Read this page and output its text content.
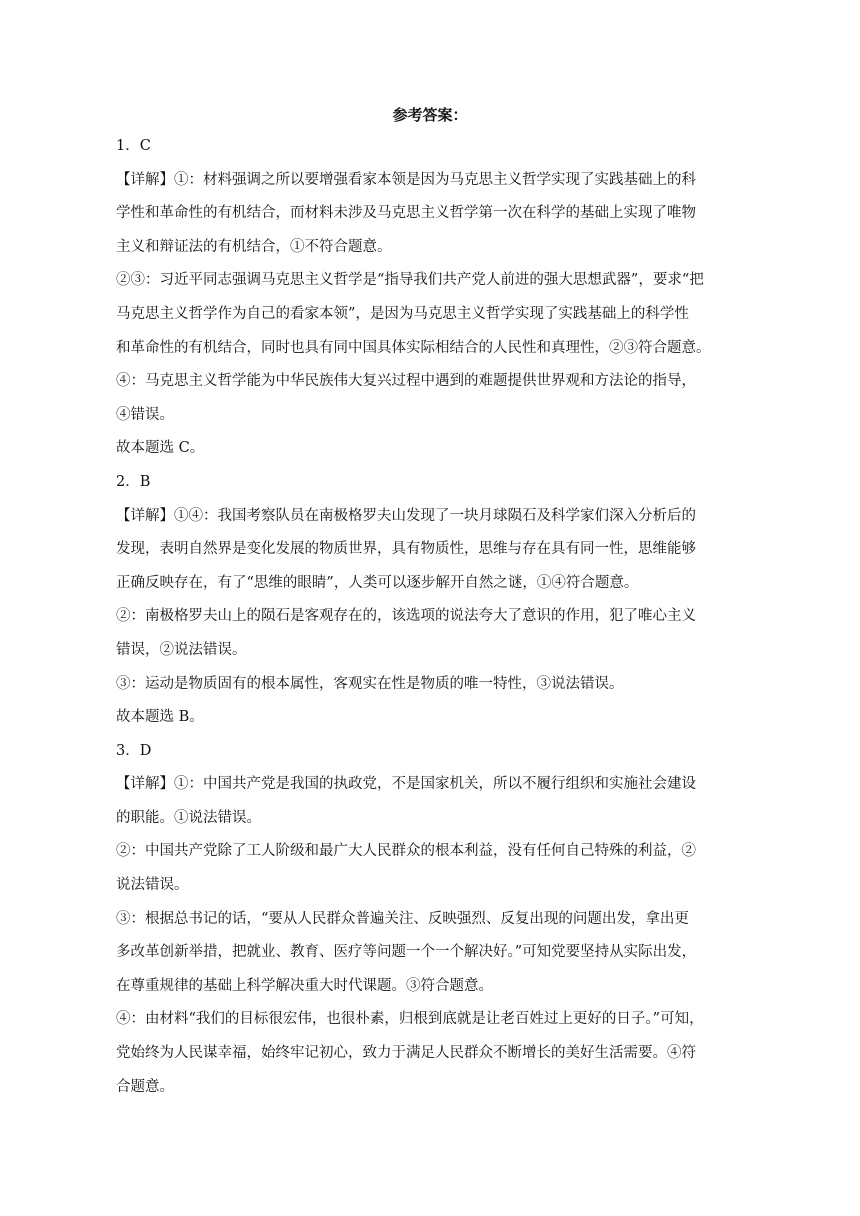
参考答案：
1．C
【详解】①：材料强调之所以要增强看家本领是因为马克思主义哲学实现了实践基础上的科
学性和革命性的有机结合，而材料未涉及马克思主义哲学第一次在科学的基础上实现了唯物
主义和辩证法的有机结合，①不符合题意。
②③：习近平同志强调马克思主义哲学是“指导我们共产党人前进的强大思想武器”，要求“把
马克思主义哲学作为自己的看家本领”，是因为马克思主义哲学实现了实践基础上的科学性
和革命性的有机结合，同时也具有同中国具体实际相结合的人民性和真理性，②③符合题意。
④：马克思主义哲学能为中华民族伟大复兴过程中遇到的难题提供世界观和方法论的指导，
④错误。
故本题选 C。
2．B
【详解】①④：我国考察队员在南极格罗夫山发现了一块月球陨石及科学家们深入分析后的
发现，表明自然界是变化发展的物质世界，具有物质性，思维与存在具有同一性，思维能够
正确反映存在，有了“思维的眼睛”，人类可以逐步解开自然之谜，①④符合题意。
②：南极格罗夫山上的陨石是客观存在的，该选项的说法夸大了意识的作用，犯了唯心主义
错误，②说法错误。
③：运动是物质固有的根本属性，客观实在性是物质的唯一特性，③说法错误。
故本题选 B。
3．D
【详解】①：中国共产党是我国的执政党，不是国家机关，所以不履行组织和实施社会建设
的职能。①说法错误。
②：中国共产党除了工人阶级和最广大人民群众的根本利益，没有任何自己特殊的利益，②
说法错误。
③：根据总书记的话，“要从人民群众普遍关注、反映强烈、反复出现的问题出发，拿出更
多改革创新举措，把就业、教育、医疗等问题一个一个解决好。”可知党要坚持从实际出发，
在尊重规律的基础上科学解决重大时代课题。③符合题意。
④：由材料“我们的目标很宏伟，也很朴素，归根到底就是让老百姓过上更好的日子。”可知，
党始终为人民谋幸福，始终牢记初心，致力于满足人民群众不断增长的美好生活需要。④符
合题意。
